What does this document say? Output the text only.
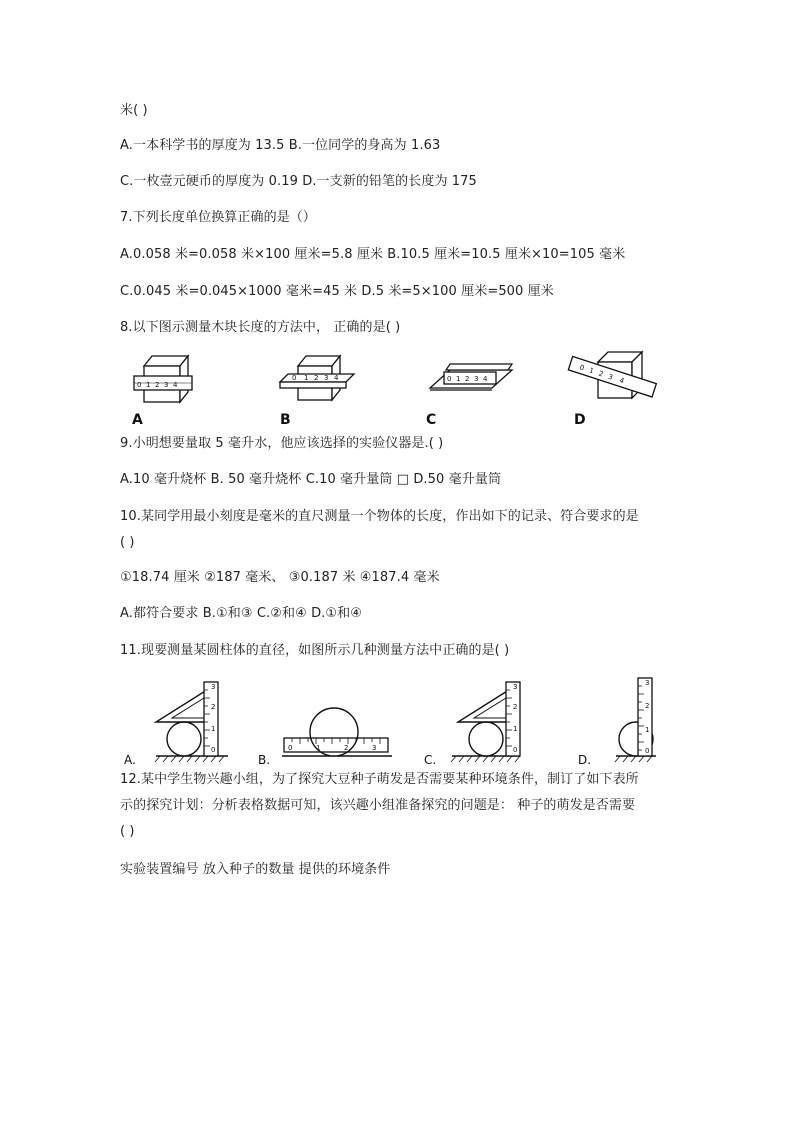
米( )
A.一本科学书的厚度为 13.5 B.一位同学的身高为 1.63
C.一枚壹元硬币的厚度为 0.19 D.一支新的铅笔的长度为 175
7.下列长度单位换算正确的是（）
A.0.058 米=0.058 米×100 厘米=5.8 厘米 B.10.5 厘米=10.5 厘米×10=105 毫米
C.0.045 米=0.045×1000 毫米=45 米 D.5 米=5×100 厘米=500 厘米
8.以下图示测量木块长度的方法中， 正确的是( )
0 1 2 3 4
A
0 1 2 3 4
B
0 1 2 3 4
C
0 1 2 3 4
D
9.小明想要量取 5 毫升水，他应该选择的实验仪器是.( )
A.10 毫升烧杯 B. 50 毫升烧杯 C.10 毫升量筒 □ D.50 毫升量筒
10.某同学用最小刻度是毫米的直尺测量一个物体的长度，作出如下的记录、符合要求的是
( )
①18.74 厘米 ②187 毫米、 ③0.187 米 ④187.4 毫米
A.都符合要求 B.①和③ C.②和④ D.①和④
11.现要测量某圆柱体的直径，如图所示几种测量方法中正确的是( )
3
2
1
0
A.
0	1	2	3
B.
3
2
1
0
C.
3
2
1
0
D.
12.某中学生物兴趣小组，为了探究大豆种子萌发是否需要某种环境条件，制订了如下表所
示的探究计划：分析表格数据可知，该兴趣小组准备探究的问题是： 种子的萌发是否需要
( )
实验装置编号 放入种子的数量 提供的环境条件
